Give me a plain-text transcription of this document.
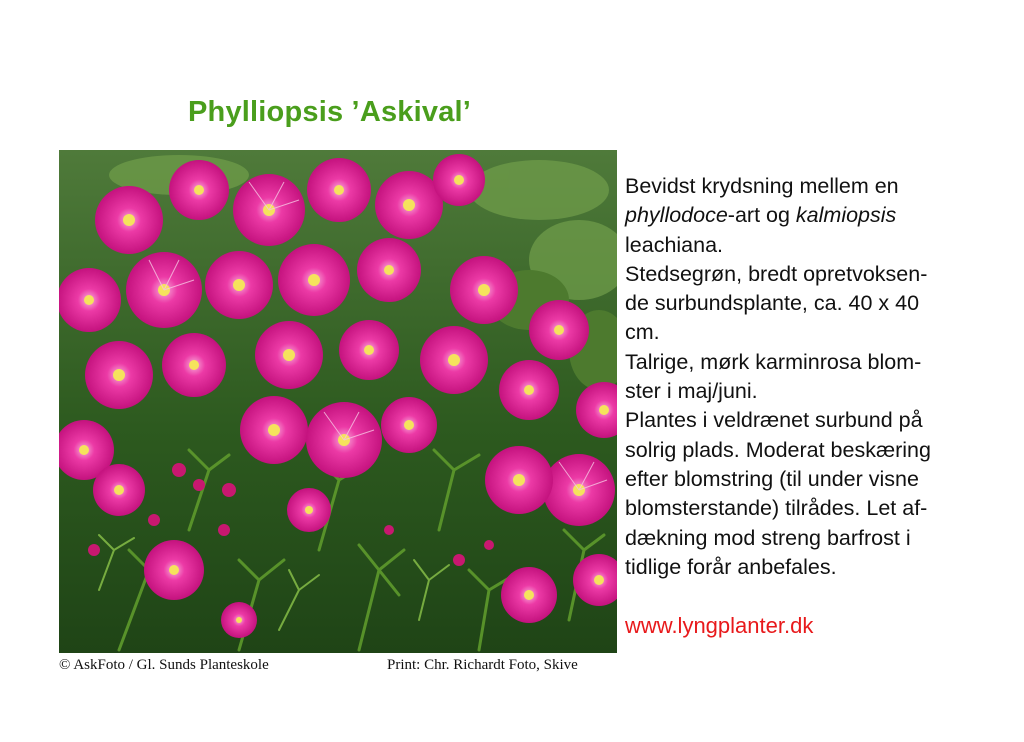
Phylliopsis ’Askival’
© AskFoto / Gl. Sunds Planteskole	Print: Chr. Richardt Foto, Skive
Bevidst krydsning mellem en
phyllodoce-art og kalmiopsis
leachiana.
Stedsegrøn, bredt opretvoksen-
de surbundsplante, ca. 40 x 40
cm.
Talrige, mørk karminrosa blom-
ster i maj/juni.
Plantes i veldrænet surbund på
solrig plads. Moderat beskæring
efter blomstring (til under visne
blomsterstande) tilrådes. Let af-
dækning mod streng barfrost i
tidlige forår anbefales.
www.lyngplanter.dk
